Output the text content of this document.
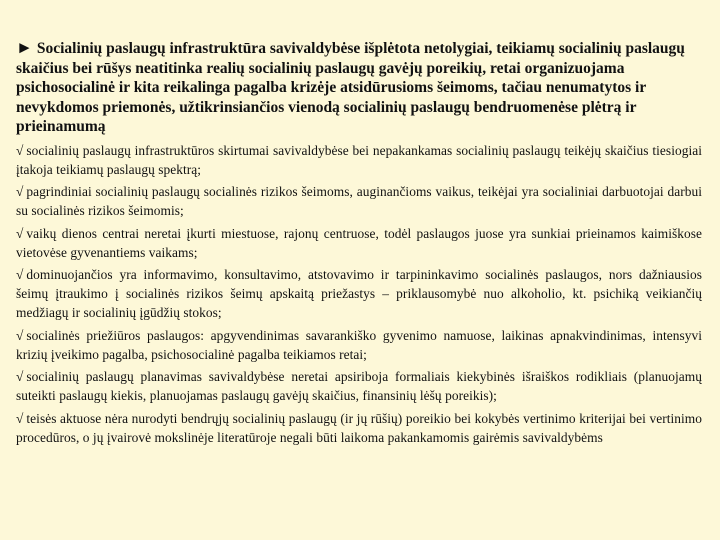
► Socialinių paslaugų infrastruktūra savivaldybėse išplėtota netolygiai, teikiamų socialinių paslaugų skaičius bei rūšys neatitinka realių socialinių paslaugų gavėjų poreikių, retai organizuojama psichosocialinė ir kita reikalinga pagalba krizėje atsidūrusioms šeimoms, tačiau nenumatytos ir nevykdomos priemonės, užtikrinsiančios vienodą socialinių paslaugų bendruomenėse plėtrą ir prieinamumą

√ socialinių paslaugų infrastruktūros skirtumai savivaldybėse bei nepakankamas socialinių paslaugų teikėjų skaičius tiesiogiai įtakoja teikiamų paslaugų spektrą;
√ pagrindiniai socialinių paslaugų socialinės rizikos šeimoms, auginančioms vaikus, teikėjai yra socialiniai darbuotojai darbui su socialinės rizikos šeimomis;
√ vaikų dienos centrai neretai įkurti miestuose, rajonų centruose, todėl paslaugos juose yra sunkiai prieinamos kaimiškose vietovėse gyvenantiems vaikams;
√ dominuojančios yra informavimo, konsultavimo, atstovavimo ir tarpininkavimo socialinės paslaugos, nors dažniausios šeimų įtraukimo į socialinės rizikos šeimų apskaitą priežastys – priklausomybė nuo alkoholio, kt. psichiką veikiančių medžiagų ir socialinių įgūdžių stokos;
√ socialinės priežiūros paslaugos: apgyvendinimas savarankiško gyvenimo namuose, laikinas apnakvindinimas, intensyvi krizių įveikimo pagalba, psichosocialinė pagalba teikiamos retai;
√ socialinių paslaugų planavimas savivaldybėse neretai apsiriboja formaliais kiekybinės išraiškos rodikliais (planuojamų suteikti paslaugų kiekis, planuojamas paslaugų gavėjų skaičius, finansinių lėšų poreikis);
√ teisės aktuose nėra nurodyti bendrųjų socialinių paslaugų (ir jų rūšių) poreikio bei kokybės vertinimo kriterijai bei vertinimo procedūros, o jų įvairovė mokslinėje literatūroje negali būti laikoma pakankamomis gairėmis savivaldybėms
